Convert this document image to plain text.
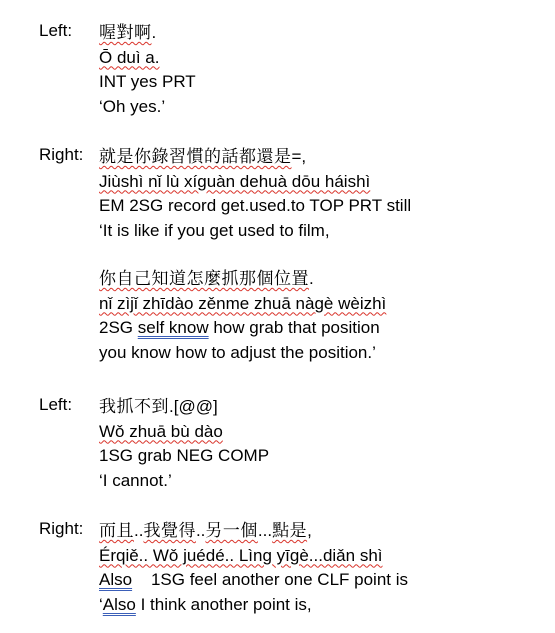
Left:	喔對啊.
Ō duì a.
INT yes PRT
‘Oh yes.’
Right: 就是你錄習慣的話都還是=,
Jiùshì nǐ lù xíguàn dehuà dōu háishì
EM 2SG record get.used.to TOP PRT still
‘It is like if you get used to film,
你自己知道怎麼抓那個位置.
nǐ zìjǐ zhīdào zěnme zhuā nàgè wèizhì
2SG self know how grab that position
you know how to adjust the position.’
Left:	我抓不到.[@@]
Wǒ zhuā bù dào
1SG grab NEG COMP
‘I cannot.’
Right: 而且..我覺得..另一個...點是,
Érqiě.. Wǒ juédé.. Lìng yīgè...diǎn shì
Also    1SG feel another one CLF point is
‘Also I think another point is,
